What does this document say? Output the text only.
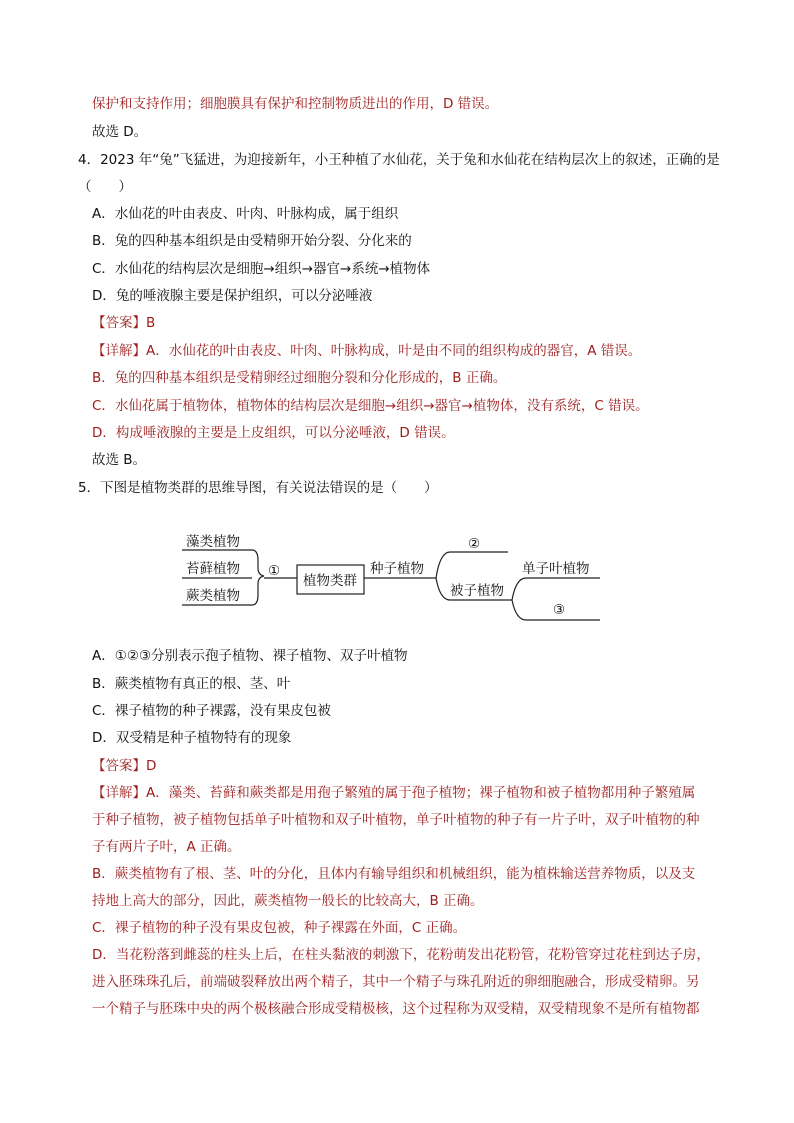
保护和支持作用；细胞膜具有保护和控制物质进出的作用，D 错误。
故选 D。
4．2023 年“兔”飞猛进，为迎接新年，小王种植了水仙花，关于兔和水仙花在结构层次上的叙述，正确的是
（　　）
A．水仙花的叶由表皮、叶肉、叶脉构成，属于组织
B．兔的四种基本组织是由受精卵开始分裂、分化来的
C．水仙花的结构层次是细胞→组织→器官→系统→植物体
D．兔的唾液腺主要是保护组织，可以分泌唾液
【答案】B
【详解】A．水仙花的叶由表皮、叶肉、叶脉构成，叶是由不同的组织构成的器官，A 错误。
B．兔的四种基本组织是受精卵经过细胞分裂和分化形成的，B 正确。
C．水仙花属于植物体，植物体的结构层次是细胞→组织→器官→植物体，没有系统，C 错误。
D．构成唾液腺的主要是上皮组织，可以分泌唾液，D 错误。
故选 B。
5．下图是植物类群的思维导图，有关说法错误的是（　　）
藻类植物
苔藓植物
蕨类植物
①
植物类群
种子植物
②
被子植物
单子叶植物
③
A．①②③分别表示孢子植物、裸子植物、双子叶植物
B．蕨类植物有真正的根、茎、叶
C．裸子植物的种子裸露，没有果皮包被
D．双受精是种子植物特有的现象
【答案】D
【详解】A．藻类、苔藓和蕨类都是用孢子繁殖的属于孢子植物；裸子植物和被子植物都用种子繁殖属
于种子植物，被子植物包括单子叶植物和双子叶植物，单子叶植物的种子有一片子叶，双子叶植物的种
子有两片子叶，A 正确。
B．蕨类植物有了根、茎、叶的分化，且体内有输导组织和机械组织，能为植株输送营养物质，以及支
持地上高大的部分，因此，蕨类植物一般长的比较高大，B 正确。
C．裸子植物的种子没有果皮包被，种子裸露在外面，C 正确。
D．当花粉落到雌蕊的柱头上后，在柱头黏液的刺激下，花粉萌发出花粉管，花粉管穿过花柱到达子房，
进入胚珠珠孔后，前端破裂释放出两个精子，其中一个精子与珠孔附近的卵细胞融合，形成受精卵。另
一个精子与胚珠中央的两个极核融合形成受精极核，这个过程称为双受精，双受精现象不是所有植物都
